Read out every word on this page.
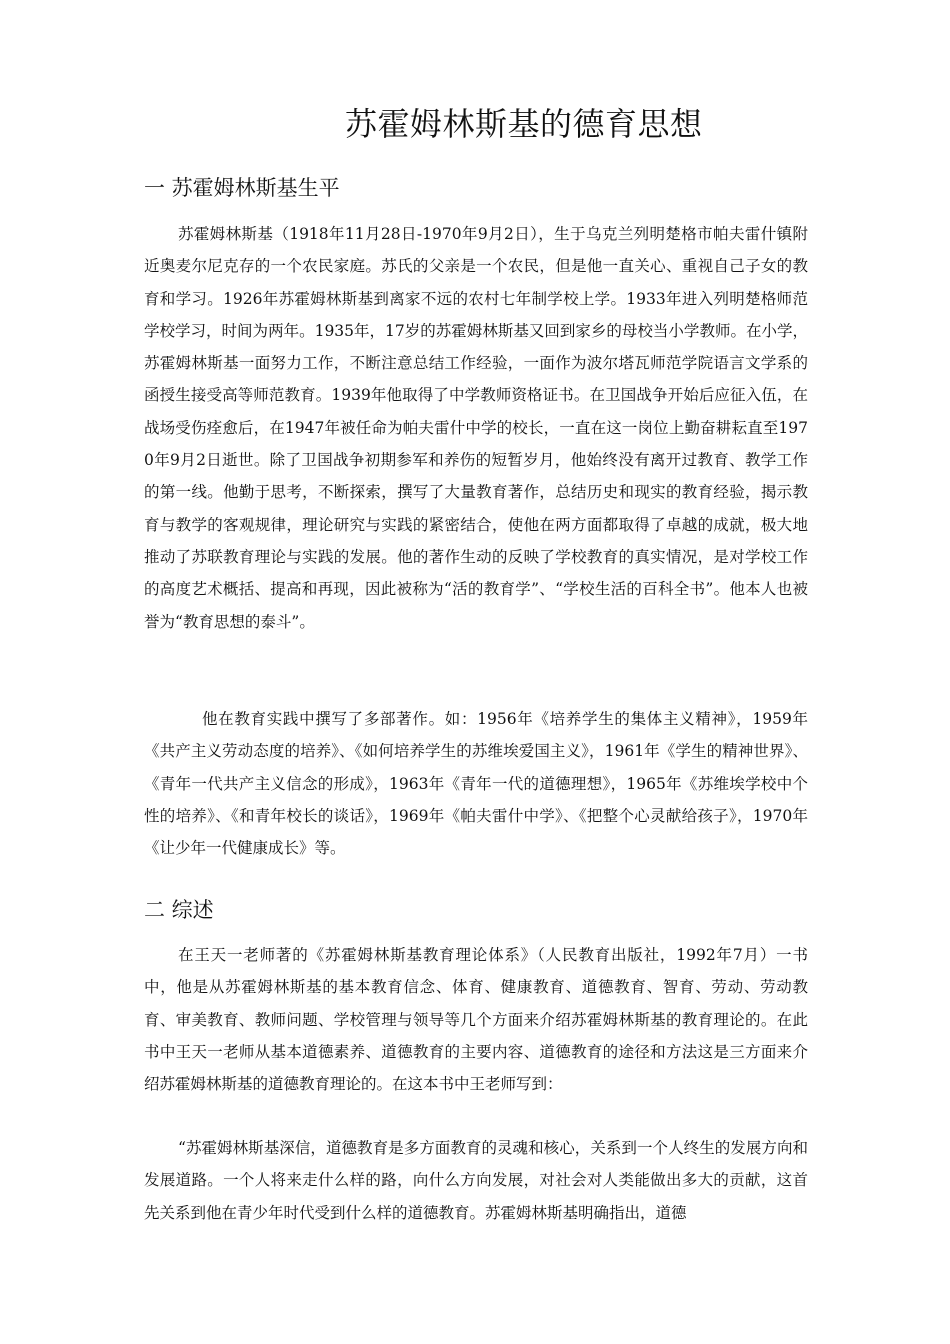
苏霍姆林斯基的德育思想
一 苏霍姆林斯基生平

苏霍姆林斯基（1918年11月28日-1970年9月2日），生于乌克兰列明楚格市帕夫雷什镇附近奥麦尔尼克存的一个农民家庭。苏氏的父亲是一个农民，但是他一直关心、重视自己子女的教育和学习。1926年苏霍姆林斯基到离家不远的农村七年制学校上学。1933年进入列明楚格师范学校学习，时间为两年。1935年，17岁的苏霍姆林斯基又回到家乡的母校当小学教师。在小学，苏霍姆林斯基一面努力工作，不断注意总结工作经验，一面作为波尔塔瓦师范学院语言文学系的函授生接受高等师范教育。1939年他取得了中学教师资格证书。在卫国战争开始后应征入伍，在战场受伤痊愈后，在1947年被任命为帕夫雷什中学的校长，一直在这一岗位上勤奋耕耘直至1970年9月2日逝世。除了卫国战争初期参军和养伤的短暂岁月，他始终没有离开过教育、教学工作的第一线。他勤于思考，不断探索，撰写了大量教育著作，总结历史和现实的教育经验，揭示教育与教学的客观规律，理论研究与实践的紧密结合，使他在两方面都取得了卓越的成就，极大地推动了苏联教育理论与实践的发展。他的著作生动的反映了学校教育的真实情况，是对学校工作的高度艺术概括、提高和再现，因此被称为“活的教育学”、“学校生活的百科全书”。他本人也被誉为“教育思想的泰斗”。

他在教育实践中撰写了多部著作。如：1956年《培养学生的集体主义精神》，1959年《共产主义劳动态度的培养》、《如何培养学生的苏维埃爱国主义》，1961年《学生的精神世界》、《青年一代共产主义信念的形成》，1963年《青年一代的道德理想》，1965年《苏维埃学校中个性的培养》、《和青年校长的谈话》，1969年《帕夫雷什中学》、《把整个心灵献给孩子》，1970年《让少年一代健康成长》等。

二 综述

在王天一老师著的《苏霍姆林斯基教育理论体系》（人民教育出版社，1992年7月）一书中，他是从苏霍姆林斯基的基本教育信念、体育、健康教育、道德教育、智育、劳动、劳动教育、审美教育、教师问题、学校管理与领导等几个方面来介绍苏霍姆林斯基的教育理论的。在此书中王天一老师从基本道德素养、道德教育的主要内容、道德教育的途径和方法这是三方面来介绍苏霍姆林斯基的道德教育理论的。在这本书中王老师写到：

“苏霍姆林斯基深信，道德教育是多方面教育的灵魂和核心，关系到一个人终生的发展方向和发展道路。一个人将来走什么样的路，向什么方向发展，对社会对人类能做出多大的贡献，这首先关系到他在青少年时代受到什么样的道德教育。苏霍姆林斯基明确指出，道德
